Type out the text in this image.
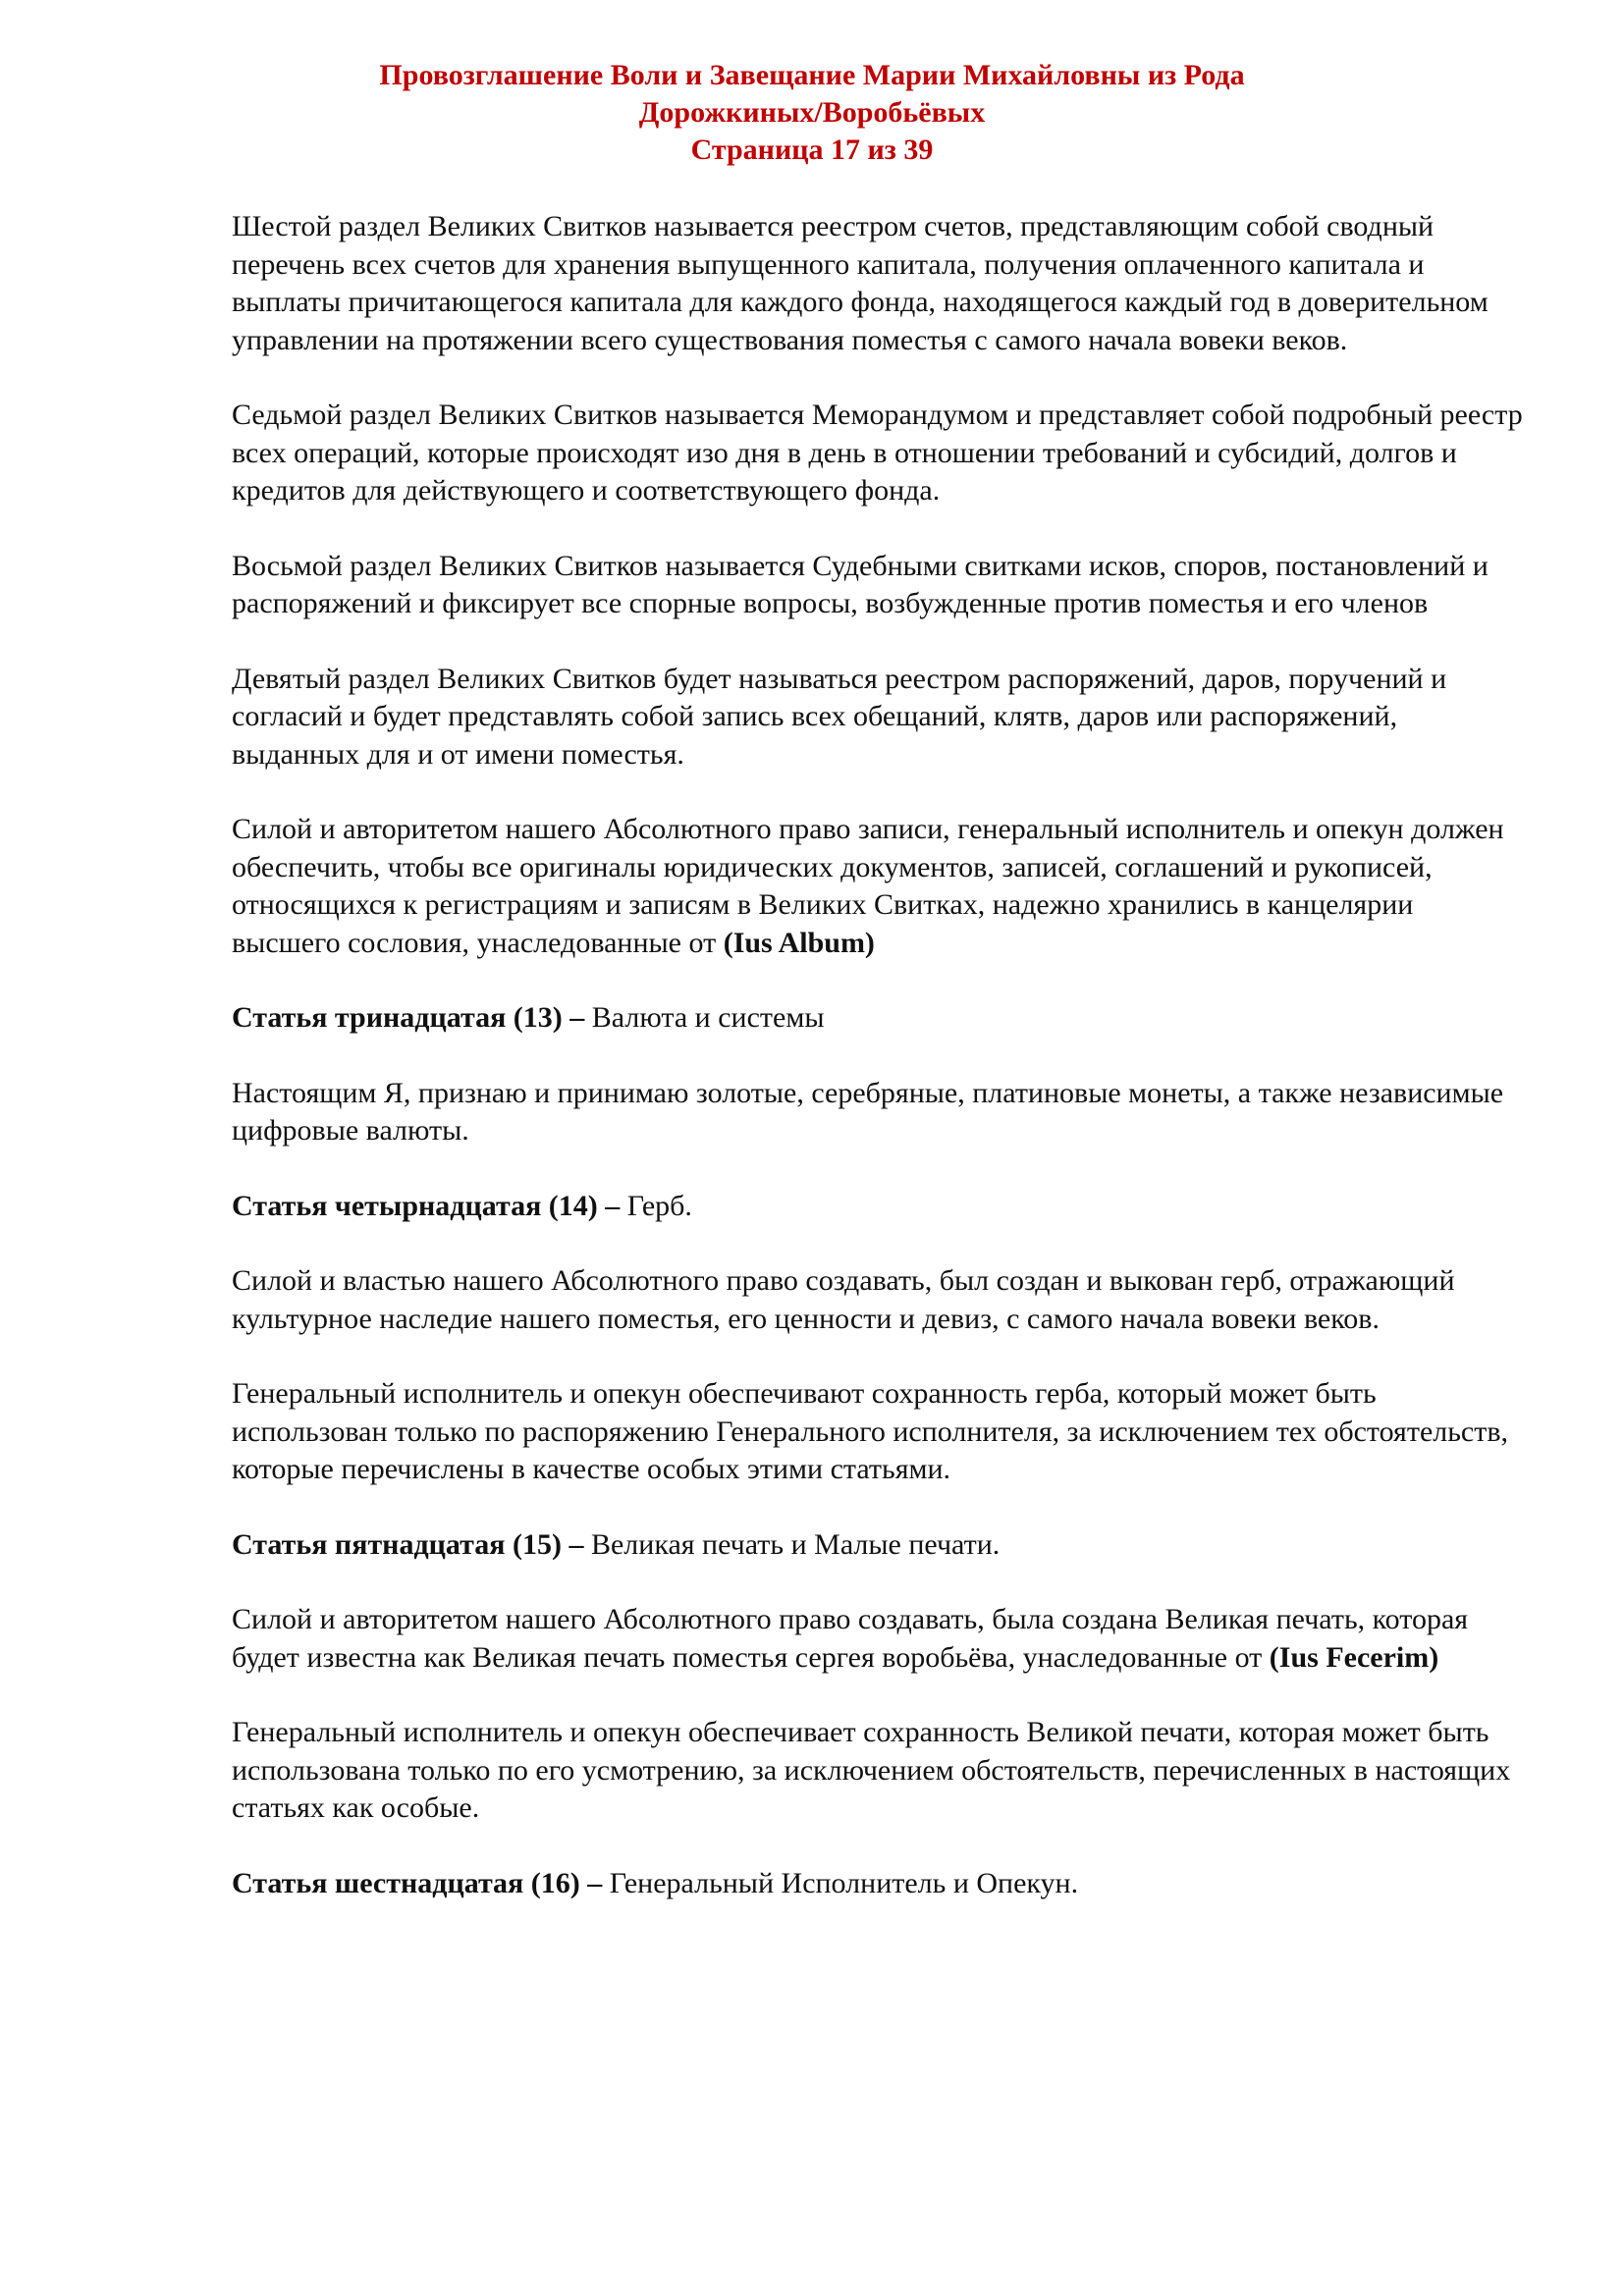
Провозглашение Воли и Завещание Марии Михайловны из Рода
Дорожкиных/Воробьёвых
Страница 17 из 39

Шестой раздел Великих Свитков называется реестром счетов, представляющим собой сводный перечень всех счетов для хранения выпущенного капитала, получения оплаченного капитала и выплаты причитающегося капитала для каждого фонда, находящегося каждый год в доверительном управлении на протяжении всего существования поместья с самого начала вовеки веков.

Седьмой раздел Великих Свитков называется Меморандумом и представляет собой подробный реестр всех операций, которые происходят изо дня в день в отношении требований и субсидий, долгов и кредитов для действующего и соответствующего фонда.

Восьмой раздел Великих Свитков называется Судебными свитками исков, споров, постановлений и распоряжений и фиксирует все спорные вопросы, возбужденные против поместья и его членов

Девятый раздел Великих Свитков будет называться реестром распоряжений, даров, поручений и согласий и будет представлять собой запись всех обещаний, клятв, даров или распоряжений, выданных для и от имени поместья.

Силой и авторитетом нашего Абсолютного право записи, генеральный исполнитель и опекун должен обеспечить, чтобы все оригиналы юридических документов, записей, соглашений и рукописей, относящихся к регистрациям и записям в Великих Свитках, надежно хранились в канцелярии высшего сословия, унаследованные от (Ius Album)

Статья тринадцатая (13) – Валюта и системы

Настоящим Я, признаю и принимаю золотые, серебряные, платиновые монеты, а также независимые цифровые валюты.

Статья четырнадцатая (14) – Герб.

Силой и властью нашего Абсолютного право создавать, был создан и выкован герб, отражающий культурное наследие нашего поместья, его ценности и девиз, с самого начала вовеки веков.

Генеральный исполнитель и опекун обеспечивают сохранность герба, который может быть использован только по распоряжению Генерального исполнителя, за исключением тех обстоятельств, которые перечислены в качестве особых этими статьями.

Статья пятнадцатая (15) – Великая печать и Малые печати.

Силой и авторитетом нашего Абсолютного право создавать, была создана Великая печать, которая будет известна как Великая печать поместья сергея воробьёва, унаследованные от (Ius Fecerim)

Генеральный исполнитель и опекун обеспечивает сохранность Великой печати, которая может быть использована только по его усмотрению, за исключением обстоятельств, перечисленных в настоящих статьях как особые.

Статья шестнадцатая (16) – Генеральный Исполнитель и Опекун.
